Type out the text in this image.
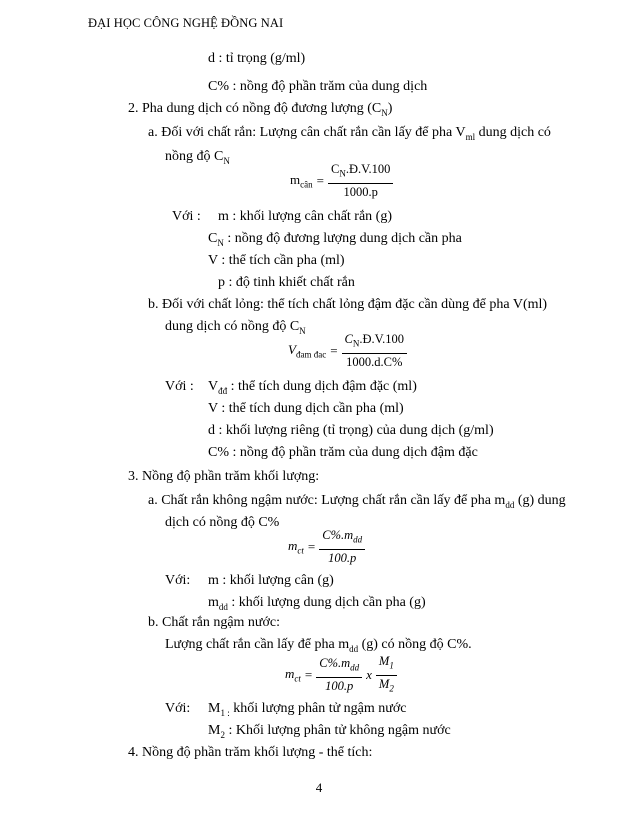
ĐẠI HỌC CÔNG NGHỆ ĐỒNG NAI
d : tỉ trọng (g/ml)
C% : nồng độ phần trăm của dung dịch
2. Pha dung dịch có nồng độ đương lượng $(C_N)$
a. Đối với chất rắn: Lượng cân chất rắn cần lấy để pha $V_{ml}$ dung dịch có
nồng độ $C_N$
$m_{cân} = \frac{C_N.Đ.V.100}{1000.p}$
Với : m : khối lượng cân chất rắn (g)
$C_N$ : nồng độ đương lượng dung dịch cần pha
V : thể tích cần pha (ml)
p : độ tinh khiết chất rắn
b. Đối với chất lỏng: thể tích chất lỏng đậm đặc cần dùng để pha V(ml)
dung dịch có nồng độ $C_N$
$V_{đam đac} = \frac{C_N.Đ.V.100}{1000.d.C\%}$
Với : $V_{đđ}$ : thể tích dung dịch đậm đặc (ml)
V : thể tích dung dịch cần pha (ml)
d : khối lượng riêng (tỉ trọng) của dung dịch (g/ml)
C% : nồng độ phần trăm của dung dịch đậm đặc
3. Nồng độ phần trăm khối lượng:
a. Chất rắn không ngậm nước: Lượng chất rắn cần lấy để pha $m_{dd}$ (g) dung
dịch có nồng độ C%
$m_{ct} = \frac{C\%.m_{dd}}{100.p}$
Với: m : khối lượng cân (g)
$m_{dd}$ : khối lượng dung dịch cần pha (g)
b. Chất rắn ngậm nước:
Lượng chất rắn cần lấy để pha $m_{dd}$ (g) có nồng độ C%.
$m_{ct} = \frac{C\%.m_{dd}}{100.p}$ x $\frac{M_1}{M_2}$
Với: $M_{1 :}$ khối lượng phân tử ngậm nước
$M_2$ : Khối lượng phân tử không ngậm nước
4. Nồng độ phần trăm khối lượng - thể tích:
4
